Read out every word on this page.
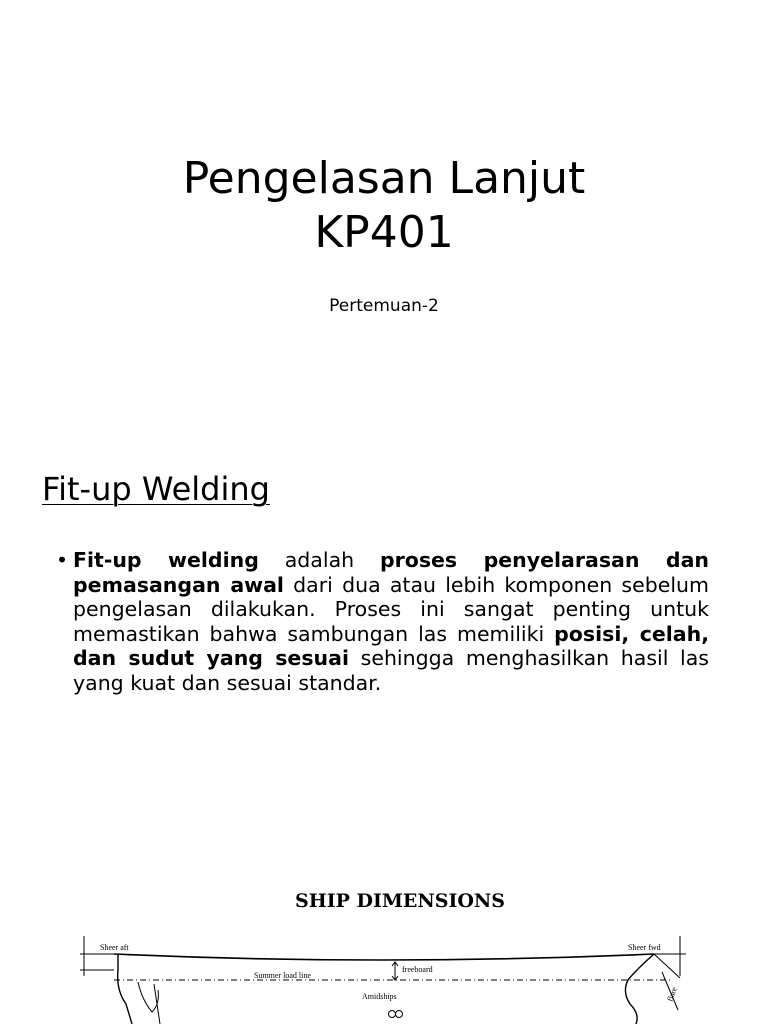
Pengelasan Lanjut
KP401
Pertemuan-2
Fit-up Welding
• Fit-up welding adalah proses penyelarasan dan pemasangan awal dari dua atau lebih komponen sebelum pengelasan dilakukan. Proses ini sangat penting untuk memastikan bahwa sambungan las memiliki posisi, celah, dan sudut yang sesuai sehingga menghasilkan hasil las yang kuat dan sesuai standar.
SHIP DIMENSIONS
Sheer aft	Sheer fwd
freeboard
Summer load line
Amidships	flare
